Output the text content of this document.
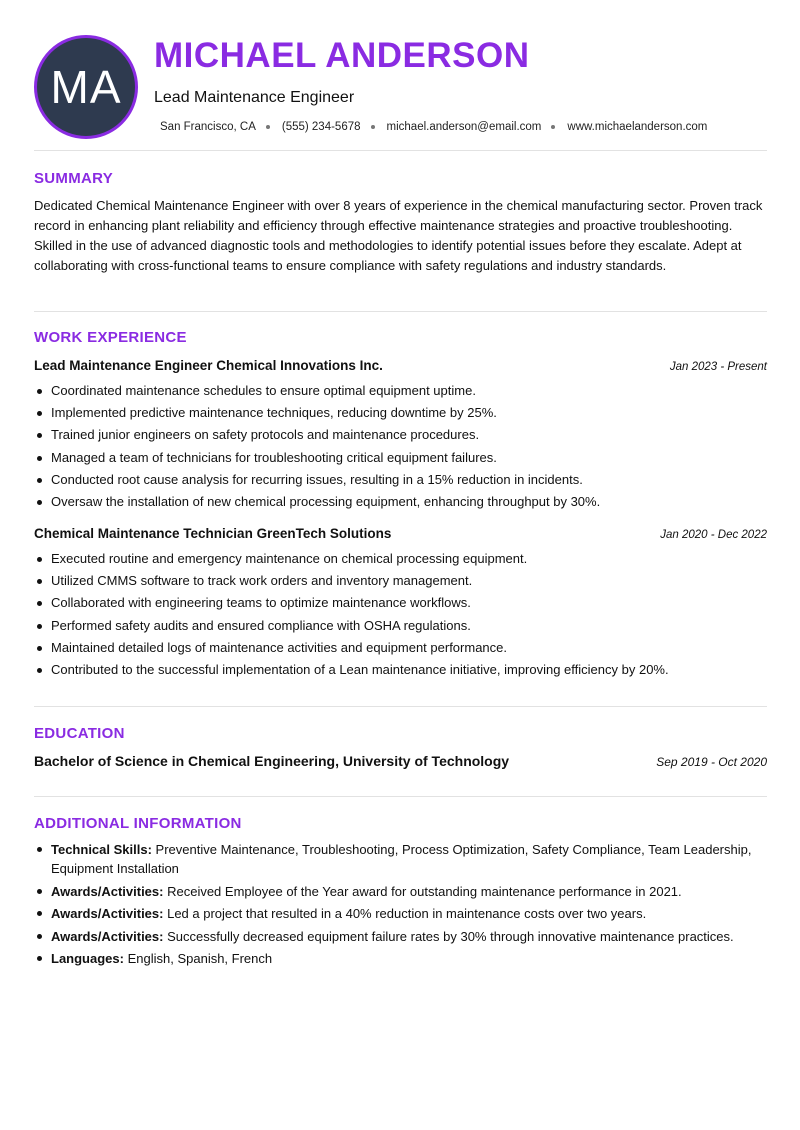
MA
MICHAEL ANDERSON
Lead Maintenance Engineer
San Francisco, CA (555) 234-5678 michael.anderson@email.com www.michaelanderson.com
SUMMARY

Dedicated Chemical Maintenance Engineer with over 8 years of experience in the chemical manufacturing sector. Proven track record in enhancing plant reliability and efficiency through effective maintenance strategies and proactive troubleshooting. Skilled in the use of advanced diagnostic tools and methodologies to identify potential issues before they escalate. Adept at collaborating with cross-functional teams to ensure compliance with safety regulations and industry standards.

WORK EXPERIENCE
Lead Maintenance Engineer Chemical Innovations Inc.	Jan 2023 - Present
Coordinated maintenance schedules to ensure optimal equipment uptime.
Implemented predictive maintenance techniques, reducing downtime by 25%.
Trained junior engineers on safety protocols and maintenance procedures.
Managed a team of technicians for troubleshooting critical equipment failures.
Conducted root cause analysis for recurring issues, resulting in a 15% reduction in incidents.
Oversaw the installation of new chemical processing equipment, enhancing throughput by 30%.
Chemical Maintenance Technician GreenTech Solutions	Jan 2020 - Dec 2022
Executed routine and emergency maintenance on chemical processing equipment.
Utilized CMMS software to track work orders and inventory management.
Collaborated with engineering teams to optimize maintenance workflows.
Performed safety audits and ensured compliance with OSHA regulations.
Maintained detailed logs of maintenance activities and equipment performance.
Contributed to the successful implementation of a Lean maintenance initiative, improving efficiency by 20%.
EDUCATION
Bachelor of Science in Chemical Engineering, University of Technology	Sep 2019 - Oct 2020
ADDITIONAL INFORMATION
Technical Skills: Preventive Maintenance, Troubleshooting, Process Optimization, Safety Compliance, Team Leadership, Equipment Installation
Awards/Activities: Received Employee of the Year award for outstanding maintenance performance in 2021.
Awards/Activities: Led a project that resulted in a 40% reduction in maintenance costs over two years.
Awards/Activities: Successfully decreased equipment failure rates by 30% through innovative maintenance practices.
Languages: English, Spanish, French
